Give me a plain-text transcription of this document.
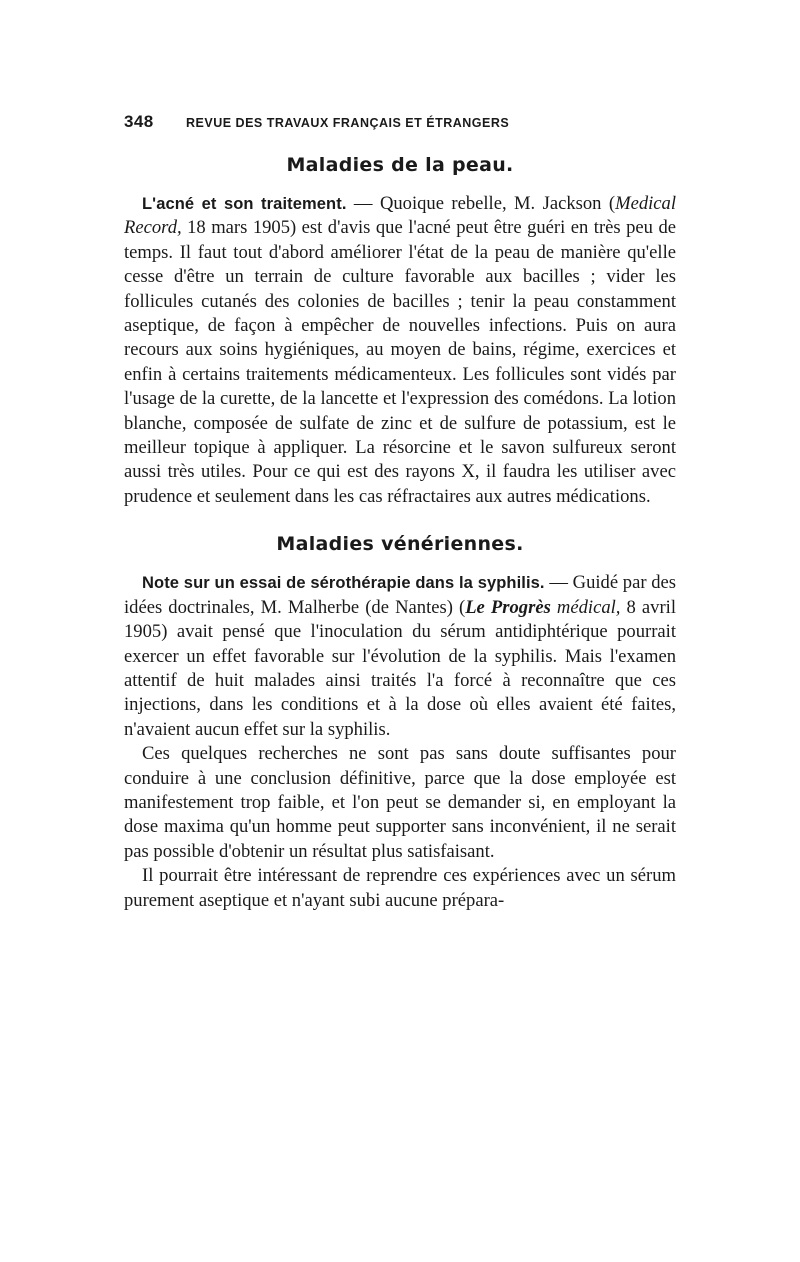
348	REVUE DES TRAVAUX FRANÇAIS ET ÉTRANGERS
Maladies de la peau.

L'acné et son traitement. — Quoique rebelle, M. Jackson (Medical Record, 18 mars 1905) est d'avis que l'acné peut être guéri en très peu de temps. Il faut tout d'abord améliorer l'état de la peau de manière qu'elle cesse d'être un terrain de culture favorable aux bacilles ; vider les follicules cutanés des colonies de bacilles ; tenir la peau constamment aseptique, de façon à empêcher de nouvelles infections. Puis on aura recours aux soins hygiéniques, au moyen de bains, régime, exercices et enfin à certains traitements médicamenteux. Les follicules sont vidés par l'usage de la curette, de la lancette et l'expression des comédons. La lotion blanche, composée de sulfate de zinc et de sulfure de potassium, est le meilleur topique à appliquer. La résorcine et le savon sulfureux seront aussi très utiles. Pour ce qui est des rayons X, il faudra les utiliser avec prudence et seulement dans les cas réfractaires aux autres médications.

Maladies vénériennes.

Note sur un essai de sérothérapie dans la syphilis. — Guidé par des idées doctrinales, M. Malherbe (de Nantes) (Le Progrès médical, 8 avril 1905) avait pensé que l'inoculation du sérum antidiphtérique pourrait exercer un effet favorable sur l'évolution de la syphilis. Mais l'examen attentif de huit malades ainsi traités l'a forcé à reconnaître que ces injections, dans les conditions et à la dose où elles avaient été faites, n'avaient aucun effet sur la syphilis.

Ces quelques recherches ne sont pas sans doute suffisantes pour conduire à une conclusion définitive, parce que la dose employée est manifestement trop faible, et l'on peut se demander si, en employant la dose maxima qu'un homme peut supporter sans inconvénient, il ne serait pas possible d'obtenir un résultat plus satisfaisant.

Il pourrait être intéressant de reprendre ces expériences avec un sérum purement aseptique et n'ayant subi aucune prépara-
